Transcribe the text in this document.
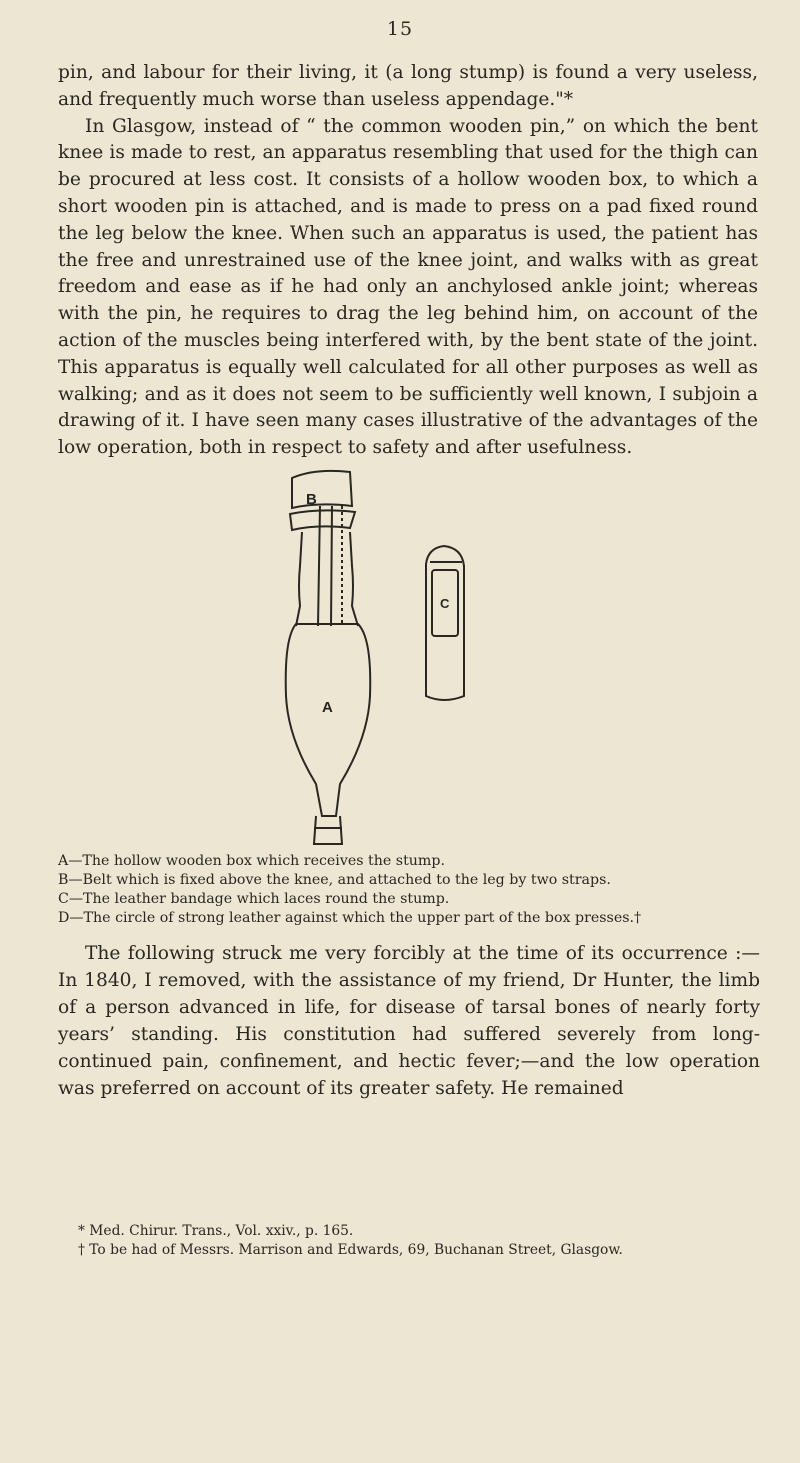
15

pin, and labour for their living, it (a long stump) is found a very useless, and frequently much worse than useless appendage."*

In Glasgow, instead of “ the common wooden pin,” on which the bent knee is made to rest, an apparatus resembling that used for the thigh can be procured at less cost. It consists of a hollow wooden box, to which a short wooden pin is attached, and is made to press on a pad fixed round the leg below the knee. When such an apparatus is used, the patient has the free and unrestrained use of the knee joint, and walks with as great freedom and ease as if he had only an anchylosed ankle joint; whereas with the pin, he requires to drag the leg behind him, on account of the action of the muscles being interfered with, by the bent state of the joint. This apparatus is equally well calculated for all other purposes as well as walking; and as it does not seem to be sufficiently well known, I subjoin a drawing of it. I have seen many cases illustrative of the advantages of the low operation, both in respect to safety and after usefulness.

B
A
C
A—The hollow wooden box which receives the stump.
B—Belt which is fixed above the knee, and attached to the leg by two straps.
C—The leather bandage which laces round the stump.
D—The circle of strong leather against which the upper part of the box presses.†

The following struck me very forcibly at the time of its occurrence :—In 1840, I removed, with the assistance of my friend, Dr Hunter, the limb of a person advanced in life, for disease of tarsal bones of nearly forty years’ standing. His constitution had suffered severely from long-continued pain, confinement, and hectic fever;—and the low operation was preferred on account of its greater safety. He remained

* Med. Chirur. Trans., Vol. xxiv., p. 165.
† To be had of Messrs. Marrison and Edwards, 69, Buchanan Street, Glasgow.
